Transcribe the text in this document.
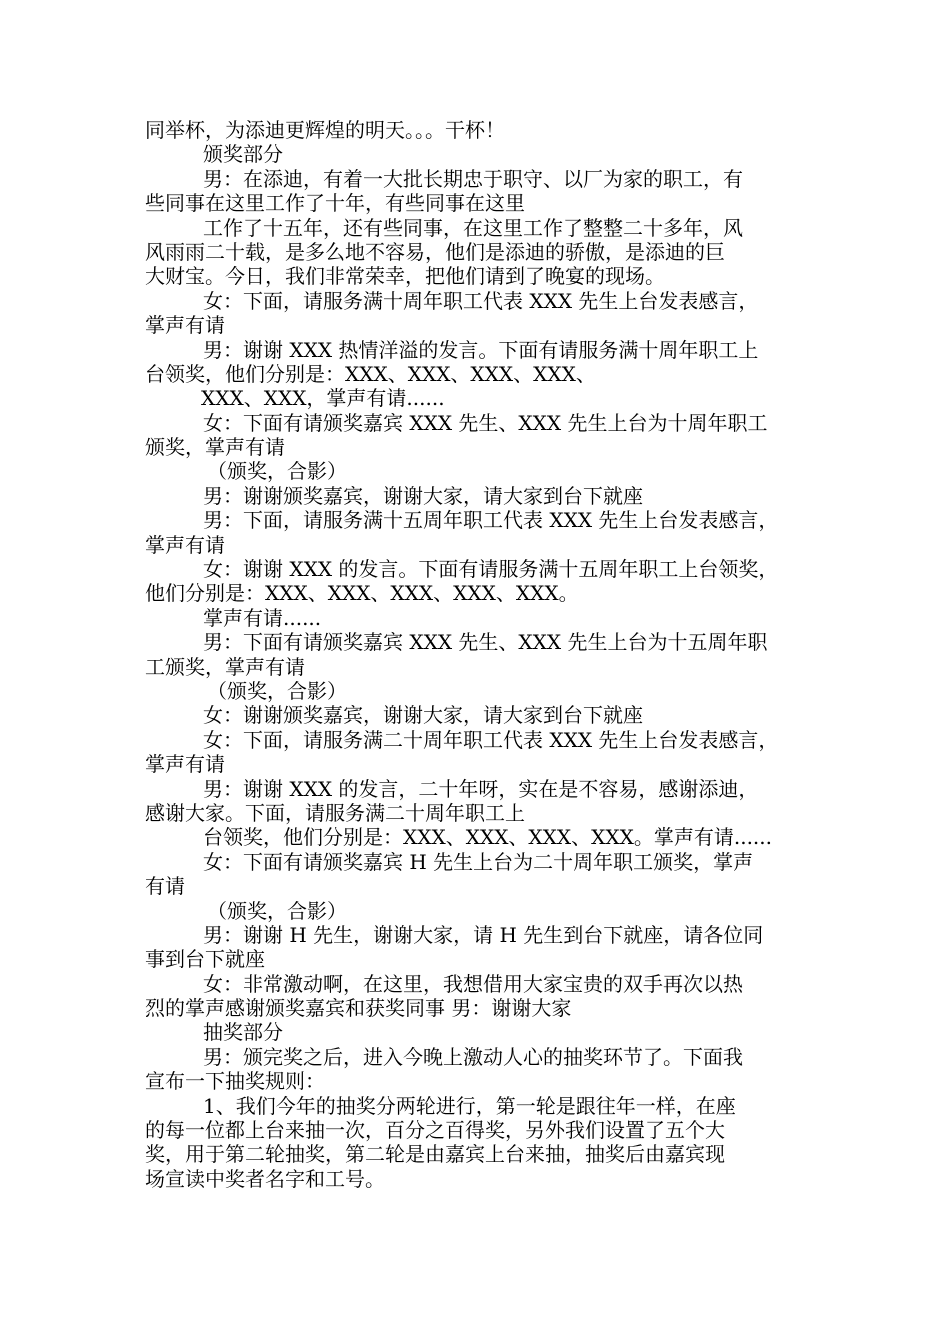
同举杯，为添迪更辉煌的明天。。。干杯！
颁奖部分
男：在添迪，有着一大批长期忠于职守、以厂为家的职工，有
些同事在这里工作了十年，有些同事在这里
工作了十五年，还有些同事，在这里工作了整整二十多年，风
风雨雨二十载，是多么地不容易，他们是添迪的骄傲，是添迪的巨
大财宝。今日，我们非常荣幸，把他们请到了晚宴的现场。
女：下面，请服务满十周年职工代表 XXX 先生上台发表感言，
掌声有请
男：谢谢 XXX 热情洋溢的发言。下面有请服务满十周年职工上
台领奖，他们分别是：XXX、XXX、XXX、XXX、
XXX、XXX，掌声有请......
女：下面有请颁奖嘉宾 XXX 先生、XXX 先生上台为十周年职工
颁奖，掌声有请
（颁奖，合影）
男：谢谢颁奖嘉宾，谢谢大家，请大家到台下就座
男：下面，请服务满十五周年职工代表 XXX 先生上台发表感言，
掌声有请
女：谢谢 XXX 的发言。下面有请服务满十五周年职工上台领奖，
他们分别是：XXX、XXX、XXX、XXX、XXX。
掌声有请......
男：下面有请颁奖嘉宾 XXX 先生、XXX 先生上台为十五周年职
工颁奖，掌声有请
（颁奖，合影）
女：谢谢颁奖嘉宾，谢谢大家，请大家到台下就座
女：下面，请服务满二十周年职工代表 XXX 先生上台发表感言，
掌声有请
男：谢谢 XXX 的发言，二十年呀，实在是不容易，感谢添迪，
感谢大家。下面，请服务满二十周年职工上
台领奖，他们分别是：XXX、XXX、XXX、XXX。掌声有请......
女：下面有请颁奖嘉宾 H 先生上台为二十周年职工颁奖，掌声
有请
（颁奖，合影）
男：谢谢 H 先生，谢谢大家，请 H 先生到台下就座，请各位同
事到台下就座
女：非常激动啊，在这里，我想借用大家宝贵的双手再次以热
烈的掌声感谢颁奖嘉宾和获奖同事 男：谢谢大家
抽奖部分
男：颁完奖之后，进入今晚上激动人心的抽奖环节了。下面我
宣布一下抽奖规则：
1、我们今年的抽奖分两轮进行，第一轮是跟往年一样，在座
的每一位都上台来抽一次，百分之百得奖，另外我们设置了五个大
奖，用于第二轮抽奖，第二轮是由嘉宾上台来抽，抽奖后由嘉宾现
场宣读中奖者名字和工号。
